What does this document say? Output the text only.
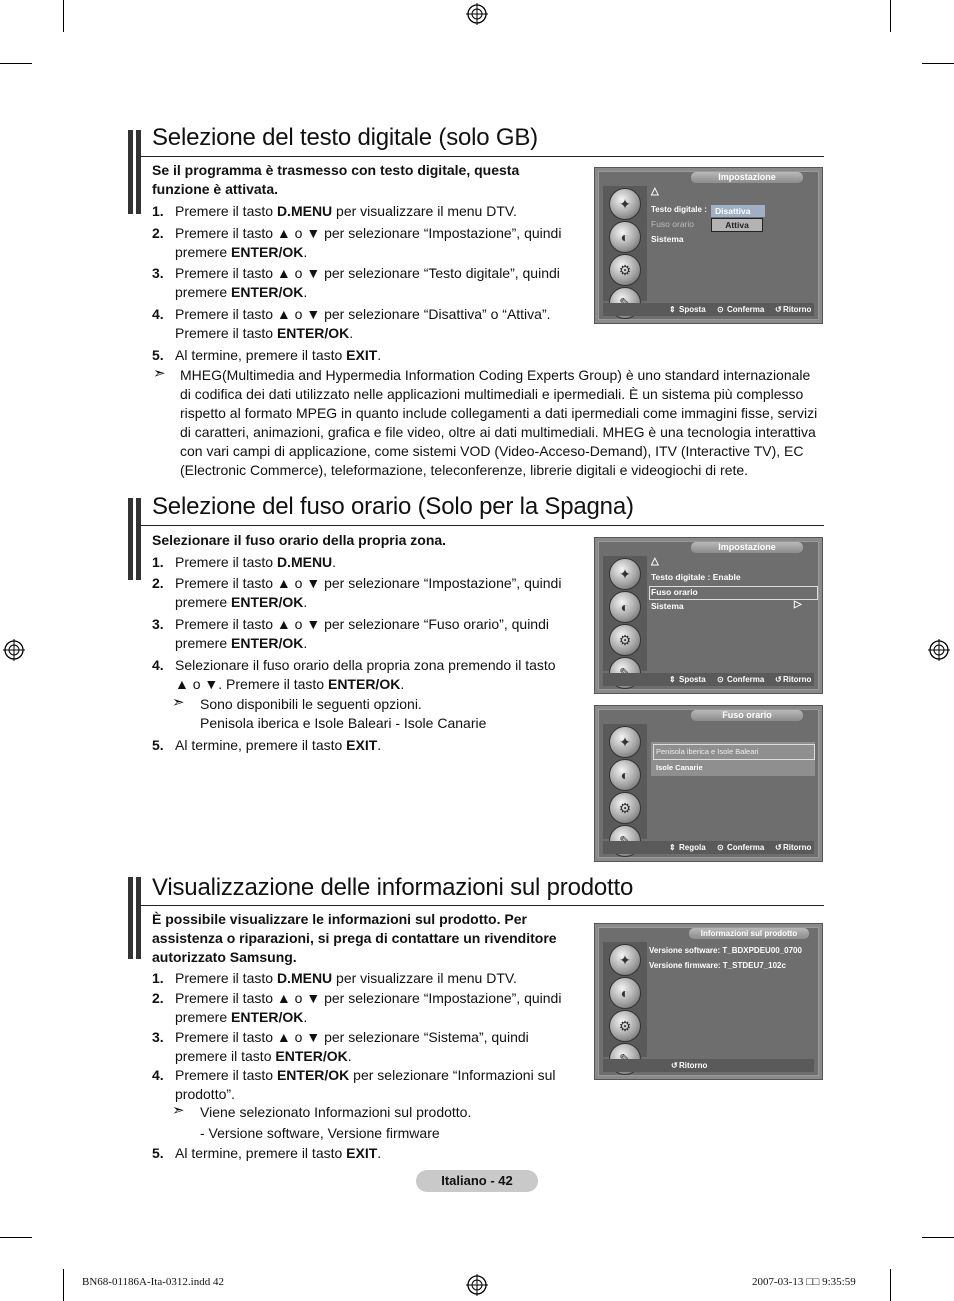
Selezione del testo digitale (solo GB)
Se il programma è trasmesso con testo digitale, questa funzione è attivata.
1. Premere il tasto D.MENU per visualizzare il menu DTV.
2. Premere il tasto ▲ o ▼ per selezionare “Impostazione”, quindi premere ENTER/OK.
3. Premere il tasto ▲ o ▼ per selezionare “Testo digitale”, quindi premere ENTER/OK.
4. Premere il tasto ▲ o ▼ per selezionare “Disattiva” o “Attiva”. Premere il tasto ENTER/OK.
5. Al termine, premere il tasto EXIT.
➣ MHEG(Multimedia and Hypermedia Information Coding Experts Group) è uno standard internazionale di codifica dei dati utilizzato nelle applicazioni multimediali e ipermediali. È un sistema più complesso rispetto al formato MPEG in quanto include collegamenti a dati ipermediali come immagini fisse, servizi di caratteri, animazioni, grafica e file video, oltre ai dati multimediali. MHEG è una tecnologia interattiva con vari campi di applicazione, come sistemi VOD (Video-Acceso-Demand), ITV (Interactive TV), EC (Electronic Commerce), teleformazione, teleconferenze, librerie digitali e videogiochi di rete.
Impostazione
✦
◐
⚙
△
Testo digitale :
Fuso orario
Sistema
Disattiva
Attiva
⇕ Sposta ⊙ Conferma ↺ Ritorno
Selezione del fuso orario (Solo per la Spagna)
Selezionare il fuso orario della propria zona.
1. Premere il tasto D.MENU.
2. Premere il tasto ▲ o ▼ per selezionare “Impostazione”, quindi premere ENTER/OK.
3. Premere il tasto ▲ o ▼ per selezionare “Fuso orario”, quindi premere ENTER/OK.
4. Selezionare il fuso orario della propria zona premendo il tasto ▲ o ▼. Premere il tasto ENTER/OK.
➣ Sono disponibili le seguenti opzioni.
Penisola iberica e Isole Baleari - Isole Canarie
5. Al termine, premere il tasto EXIT.
Impostazione
✦
◐
⚙
△
Testo digitale : Enable
Fuso orario
Sistema	▷
⇕ Sposta ⊙ Conferma ↺ Ritorno
Fuso orario
✦
◐
⚙
Penisola iberica e Isole Baleari
Isole Canarie
⇕ Regola ⊙ Conferma ↺ Ritorno
Visualizzazione delle informazioni sul prodotto
È possibile visualizzare le informazioni sul prodotto. Per assistenza o riparazioni, si prega di contattare un rivenditore autorizzato Samsung.
1. Premere il tasto D.MENU per visualizzare il menu DTV.
2. Premere il tasto ▲ o ▼ per selezionare “Impostazione”, quindi premere ENTER/OK.
3. Premere il tasto ▲ o ▼ per selezionare “Sistema”, quindi premere il tasto ENTER/OK.
4. Premere il tasto ENTER/OK per selezionare “Informazioni sul prodotto”.
➣ Viene selezionato Informazioni sul prodotto.
- Versione software, Versione firmware
5. Al termine, premere il tasto EXIT.
Informazioni sul prodotto
✦
◐
⚙
Versione software: T_BDXPDEU00_0700
Versione firmware: T_STDEU7_102c
↺ Ritorno
Italiano - 42
BN68-01186A-Ita-0312.indd 42	2007-03-13 □□ 9:35:59
